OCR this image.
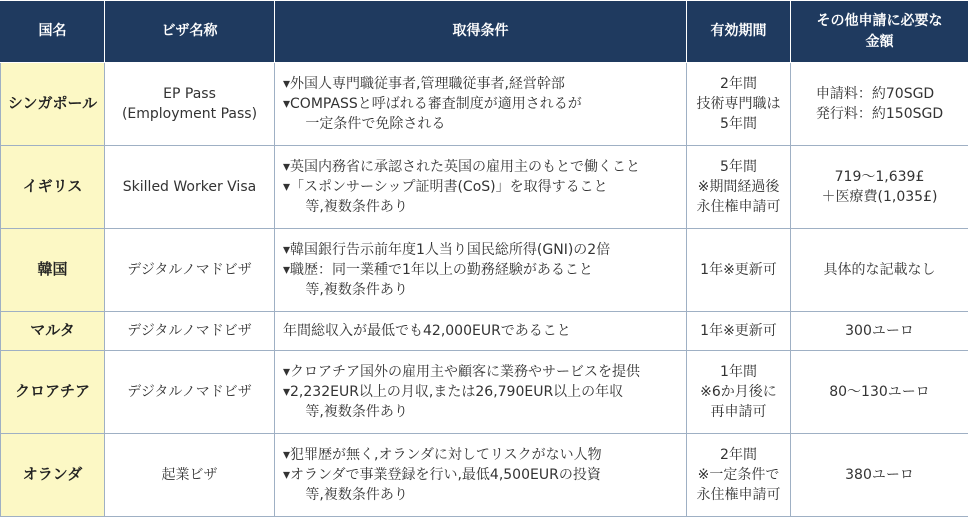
国名	ビザ名称	取得条件	有効期間	その他申請に必要な
金額

シンガポール	EP Pass
(Employment Pass)	▾外国人専門職従事者,管理職従事者,経営幹部
▾COMPASSと呼ばれる審査制度が適用されるが
一定条件で免除される	2年間
技術専門職は
5年間	申請料：約70SGD
発行料：約150SGD

イギリス	Skilled Worker Visa	▾英国内務省に承認された英国の雇用主のもとで働くこと
▾「スポンサーシップ証明書(CoS)」を取得すること
等,複数条件あり	5年間
※期間経過後
永住権申請可	719～1,639£
＋医療費(1,035£)

韓国	デジタルノマドビザ	▾韓国銀行告示前年度1人当り国民総所得(GNI)の2倍
▾職歴：同一業種で1年以上の勤務経験があること
等,複数条件あり	1年※更新可	具体的な記載なし

マルタ	デジタルノマドビザ	年間総収入が最低でも42,000EURであること	1年※更新可	300ユーロ

クロアチア	デジタルノマドビザ	▾クロアチア国外の雇用主や顧客に業務やサービスを提供
▾2,232EUR以上の月収,または26,790EUR以上の年収
等,複数条件あり	1年間
※6か月後に
再申請可	80～130ユーロ

オランダ	起業ビザ	▾犯罪歴が無く,オランダに対してリスクがない人物
▾オランダで事業登録を行い,最低4,500EURの投資
等,複数条件あり	2年間
※一定条件で
永住権申請可	380ユーロ
